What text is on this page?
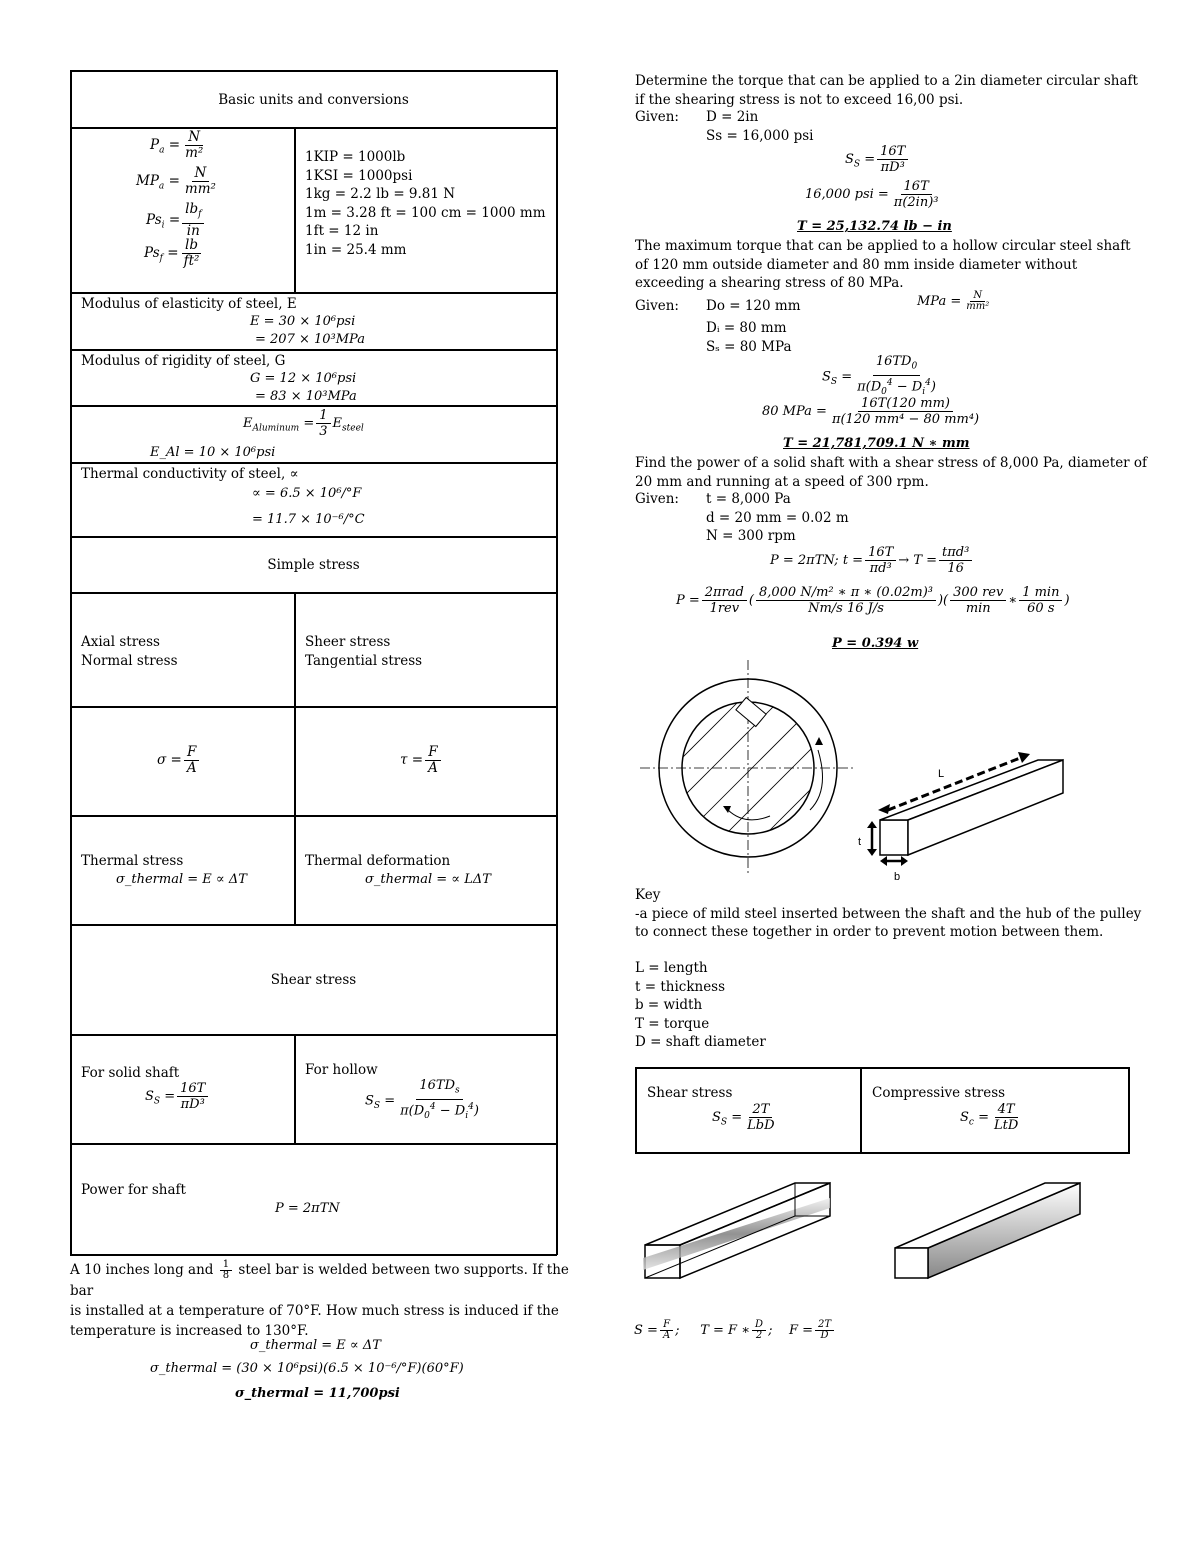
Basic units and conversions
$P_a = \frac{N}{\text{m²}}$
$MP_a = \frac{N}{\text{mm²}}$
$Ps_i = \frac{lb_f}{in}$
$Ps_f = \frac{lb}{\text{ft²}}$
1KIP = 1000lb
1KSI = 1000psi
1kg = 2.2 lb = 9.81 N
1m = 3.28 ft = 100 cm = 1000 mm
1ft = 12 in
1in = 25.4 mm
Modulus of elasticity of steel, E
E = 30 × 10⁶psi
= 207 × 10³MPa
Modulus of rigidity of steel, G
G = 12 × 10⁶psi
= 83 × 10³MPa
$E_{Aluminum} = \frac{1}{3} E_{steel}$
E_Al = 10 × 10⁶psi
Thermal conductivity of steel, ∝
∝ = 6.5 × 10⁶/°F
= 11.7 × 10⁻⁶/°C
Simple stress
Axial stress
Normal stress
Sheer stress
Tangential stress
$\sigma = \frac{F}{A}$	$\tau = \frac{F}{A}$
Thermal stress
σ_thermal = E ∝ ΔT
Thermal deformation
σ_thermal = ∝ LΔT
Shear stress
For solid shaft
$S_S = \frac{16T}{\text{πD³}}$
For hollow
$S_S = \frac{16TD_s}{\pi(D_0^4 - D_i^4)}$
Power for shaft
P = 2πTN
A 10 inches long and $\frac{1}{8}$ steel bar is welded between two supports. If the bar
is installed at a temperature of 70°F. How much stress is induced if the
temperature is increased to 130°F.
σ_thermal = E ∝ ΔT
σ_thermal = (30 × 10⁶psi)(6.5 × 10⁻⁶/°F)(60°F)
σ_thermal = 11,700psi
Determine the torque that can be applied to a 2in diameter circular shaft
if the shearing stress is not to exceed 16,00 psi.
Given: D = 2in
Ss = 16,000 psi
$S_S = \frac{16T}{\text{πD³}}$
16,000 psi = $\frac{16T}{\text{π(2in)³}}$
T = 25,132.74 lb − in
The maximum torque that can be applied to a hollow circular steel shaft
of 120 mm outside diameter and 80 mm inside diameter without
exceeding a shearing stress of 80 MPa.
Given: Do = 120 mm
Dᵢ = 80 mm
Sₛ = 80 MPa
MPa = $\frac{N}{\text{mm²}}$
$S_S = \frac{16TD_0}{\pi(D_0^4 - D_i^4)}$
80 MPa = $\frac{16T(120 mm)}{\text{π(120 mm⁴ − 80 mm⁴)}}$
T = 21,781,709.1 N ∗ mm
Find the power of a solid shaft with a shear stress of 8,000 Pa, diameter of
20 mm and running at a speed of 300 rpm.
Given: t = 8,000 Pa
d = 20 mm = 0.02 m
N = 300 rpm
P = 2πTN; $t = \frac{16T}{\text{πd³}} \to T = \frac{\text{tπd³}}{16}$
$P = \frac{\text{2πrad}}{\text{1rev}}$ ( $\frac{\text{8,000 N/m² ∗ π ∗ (0.02m)³}}{Nm/s 16 J/s}$ )( $\frac{\text{300 rev}}{\min}$ ∗ $\frac{1 \min}{60 s}$ )
P = 0.394 w
L
t
b
Key
-a piece of mild steel inserted between the shaft and the hub of the pulley
to connect these together in order to prevent motion between them.
L = length
t = thickness
b = width
T = torque
D = shaft diameter
Shear stress
$S_S = \frac{2T}{\text{LbD}}$
Compressive stress
$S_c = \frac{4T}{\text{LtD}}$
$S = \frac{F}{A}$ ;     T = F ∗ $\frac{D}{2}$ ;    $F = \frac{2T}{D}$
